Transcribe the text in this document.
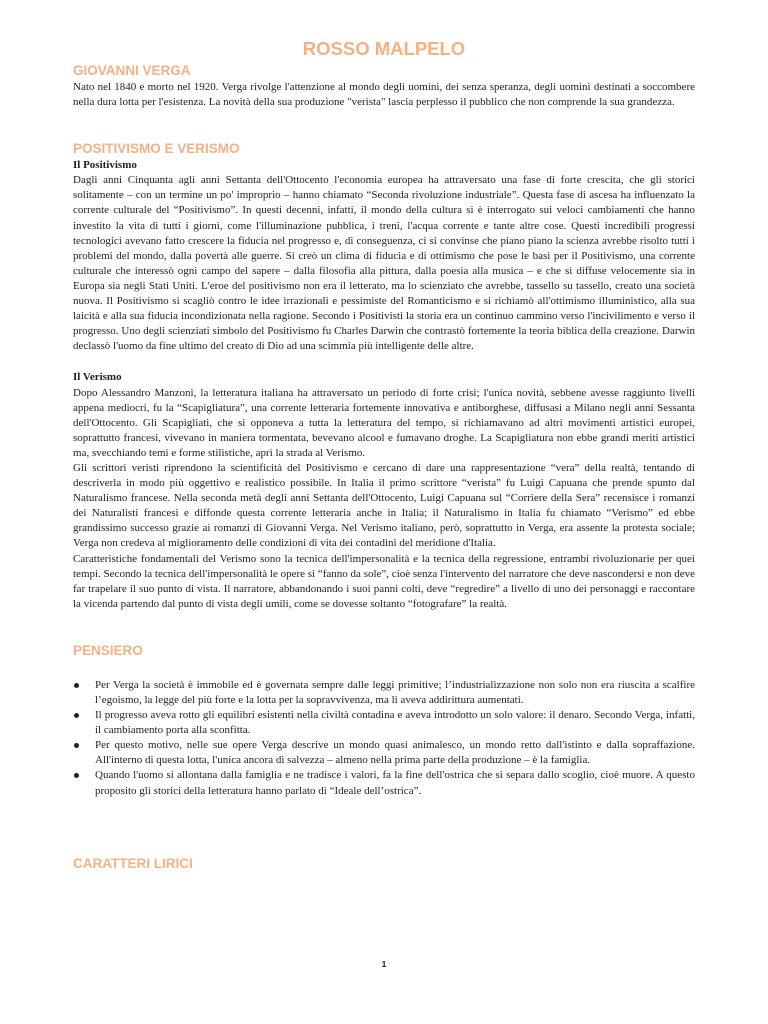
ROSSO MALPELO
GIOVANNI VERGA

Nato nel 1840 e morto nel 1920. Verga rivolge l'attenzione al mondo degli uomini, dei senza speranza, degli uomini destinati a soccombere nella dura lotta per l'esistenza. La novità della sua produzione "verista" lascia perplesso il pubblico che non comprende la sua grandezza.

POSITIVISMO E VERISMO
Il Positivismo

Dagli anni Cinquanta agli anni Settanta dell'Ottocento l'economia europea ha attraversato una fase di forte crescita, che gli storici solitamente – con un termine un po' improprio – hanno chiamato “Seconda rivoluzione industriale”. Questa fase di ascesa ha influenzato la corrente culturale del “Positivismo”. In questi decenni, infatti, il mondo della cultura si è interrogato sui veloci cambiamenti che hanno investito la vita di tutti i giorni, come l'illuminazione pubblica, i treni, l'acqua corrente e tante altre cose. Questi incredibili progressi tecnologici avevano fatto crescere la fiducia nel progresso e, di conseguenza, ci si convinse che piano piano la scienza avrebbe risolto tutti i problemi del mondo, dalla povertà alle guerre. Si creò un clima di fiducia e di ottimismo che pose le basi per il Positivismo, una corrente culturale che interessò ogni campo del sapere – dalla filosofia alla pittura, dalla poesia alla musica – e che si diffuse velocemente sia in Europa sia negli Stati Uniti. L'eroe del positivismo non era il letterato, ma lo scienziato che avrebbe, tassello su tassello, creato una società nuova. Il Positivismo si scagliò contro le idee irrazionali e pessimiste del Romanticismo e si richiamò all'ottimismo illuministico, alla sua laicità e alla sua fiducia incondizionata nella ragione. Secondo i Positivisti la storia era un continuo cammino verso l'incivilimento e verso il progresso. Uno degli scienziati simbolo del Positivismo fu Charles Darwin che contrastò fortemente la teoria biblica della creazione. Darwin declassò l'uomo da fine ultimo del creato di Dio ad una scimmia più intelligente delle altre.

Il Verismo

Dopo Alessandro Manzoni, la letteratura italiana ha attraversato un periodo di forte crisi; l'unica novità, sebbene avesse raggiunto livelli appena mediocri, fu la “Scapigliatura”, una corrente letteraria fortemente innovativa e antiborghese, diffusasi a Milano negli anni Sessanta dell'Ottocento. Gli Scapigliati, che si opponeva a tutta la letteratura del tempo, si richiamavano ad altri movimenti artistici europei, soprattutto francesi, vivevano in maniera tormentata, bevevano alcool e fumavano droghe. La Scapigliatura non ebbe grandi meriti artistici ma, svecchiando temi e forme stilistiche, aprì la strada al Verismo.

Gli scrittori veristi riprendono la scientificità del Positivismo e cercano di dare una rappresentazione “vera” della realtà, tentando di descriverla in modo più oggettivo e realistico possibile. In Italia il primo scrittore “verista” fu Luigi Capuana che prende spunto dal Naturalismo francese. Nella seconda metà degli anni Settanta dell'Ottocento, Luigi Capuana sul “Corriere della Sera” recensisce i romanzi dei Naturalisti francesi e diffonde questa corrente letteraria anche in Italia; il Naturalismo in Italia fu chiamato “Verismo” ed ebbe grandissimo successo grazie ai romanzi di Giovanni Verga. Nel Verismo italiano, però, soprattutto in Verga, era assente la protesta sociale; Verga non credeva al miglioramento delle condizioni di vita dei contadini del meridione d'Italia.

Caratteristiche fondamentali del Verismo sono la tecnica dell'impersonalità e la tecnica della regressione, entrambi rivoluzionarie per quei tempi. Secondo la tecnica dell'impersonalità le opere si “fanno da sole”, cioè senza l'intervento del narratore che deve nascondersi e non deve far trapelare il suo punto di vista. Il narratore, abbandonando i suoi panni colti, deve “regredire” a livello di uno dei personaggi e raccontare la vicenda partendo dal punto di vista degli umili, come se dovesse soltanto “fotografare” la realtà.

PENSIERO
Per Verga la società è immobile ed è governata sempre dalle leggi primitive; l’industrializzazione non solo non era riuscita a scalfire l’egoismo, la legge del più forte e la lotta per la sopravvivenza, ma li aveva addirittura aumentati.
Il progresso aveva rotto gli equilibri esistenti nella civiltà contadina e aveva introdotto un solo valore: il denaro. Secondo Verga, infatti, il cambiamento porta alla sconfitta.
Per questo motivo, nelle sue opere Verga descrive un mondo quasi animalesco, un mondo retto dall'istinto e dalla sopraffazione. All'interno di questa lotta, l'unica ancora di salvezza – almeno nella prima parte della produzione – è la famiglia.
Quando l'uomo si allontana dalla famiglia e ne tradisce i valori, fa la fine dell'ostrica che si separa dallo scoglio, cioè muore. A questo proposito gli storici della letteratura hanno parlato di “Ideale dell’ostrica”.
CARATTERI LIRICI
1
